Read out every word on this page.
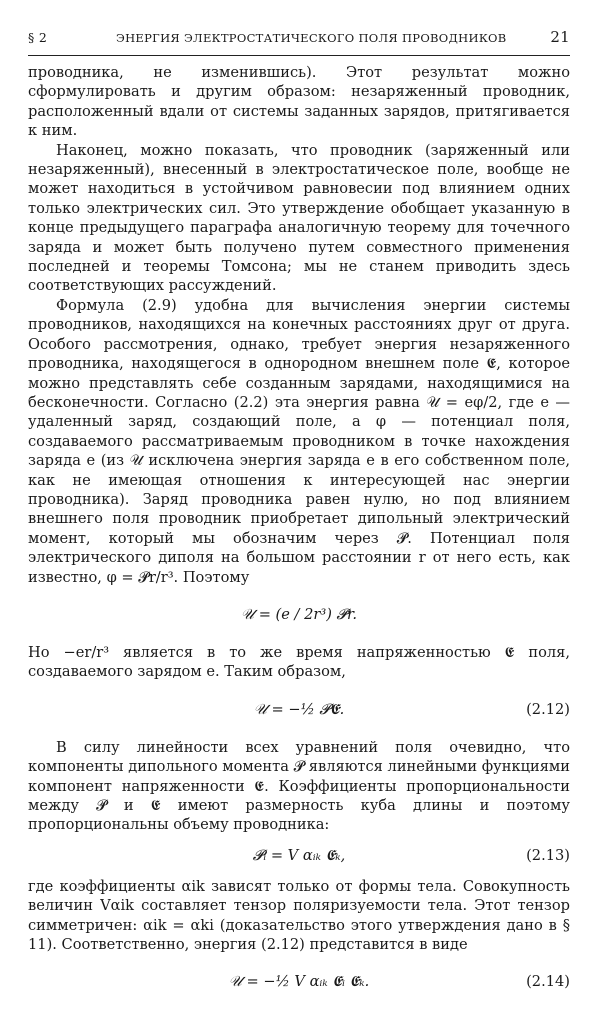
§ 2	ЭНЕРГИЯ ЭЛЕКТРОСТАТИЧЕСКОГО ПОЛЯ ПРОВОДНИКОВ	21

проводника, не изменившись). Этот результат можно сформулировать и другим образом: незаряженный проводник, расположенный вдали от системы заданных зарядов, притягивается к ним.

Наконец, можно показать, что проводник (заряженный или незаряженный), внесенный в электростатическое поле, вообще не может находиться в устойчивом равновесии под влиянием одних только электрических сил. Это утверждение обобщает указанную в конце предыдущего параграфа аналогичную теорему для точечного заряда и может быть получено путем совместного применения последней и теоремы Томсона; мы не станем приводить здесь соответствующих рассуждений.

Формула (2.9) удобна для вычисления энергии системы проводников, находящихся на конечных расстояниях друг от друга. Особого рассмотрения, однако, требует энергия незаряженного проводника, находящегося в однородном внешнем поле 𝕰, которое можно представлять себе созданным зарядами, находящимися на бесконечности. Согласно (2.2) эта энергия равна 𝒰 = eφ/2, где e — удаленный заряд, создающий поле, а φ — потенциал поля, создаваемого рассматриваемым проводником в точке нахождения заряда e (из 𝒰 исключена энергия заряда e в его собственном поле, как не имеющая отношения к интересующей нас энергии проводника). Заряд проводника равен нулю, но под влиянием внешнего поля проводник приобретает дипольный электрический момент, который мы обозначим через 𝓟. Потенциал поля электрического диполя на большом расстоянии r от него есть, как известно, φ = 𝓟r/r³. Поэтому

𝒰 = (e / 2r³) 𝓟r.

Но −er/r³ является в то же время напряженностью 𝕰 поля, создаваемого зарядом e. Таким образом,

𝒰 = −½ 𝓟𝕰.	(2.12)

В силу линейности всех уравнений поля очевидно, что компоненты дипольного момента 𝓟 являются линейными функциями компонент напряженности 𝕰. Коэффициенты пропорциональности между 𝓟 и 𝕰 имеют размерность куба длины и поэтому пропорциональны объему проводника:

𝓟ᵢ = V αᵢₖ 𝕰ₖ,	(2.13)

где коэффициенты αik зависят только от формы тела. Совокупность величин Vαik составляет тензор поляризуемости тела. Этот тензор симметричен: αik = αki (доказательство этого утверждения дано в § 11). Соответственно, энергия (2.12) представится в виде

𝒰 = −½ V αᵢₖ 𝕰ᵢ 𝕰ₖ.	(2.14)
